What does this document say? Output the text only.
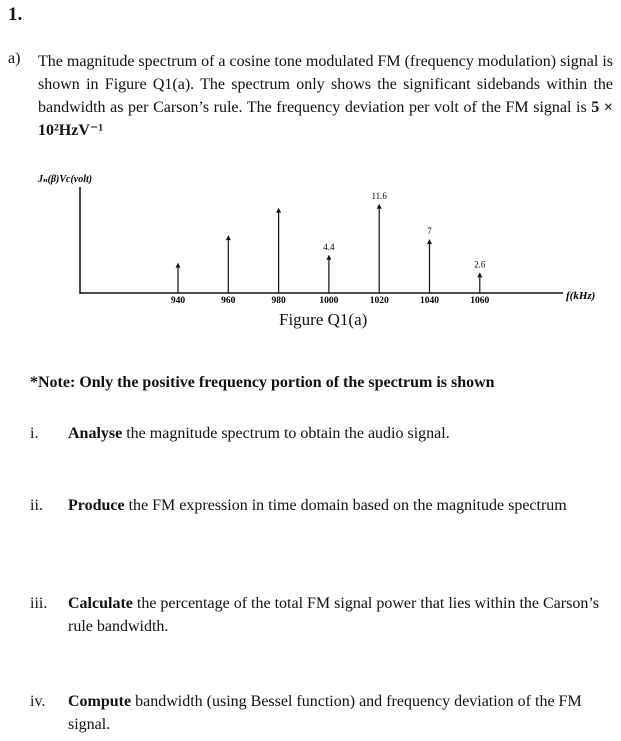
1.
a) The magnitude spectrum of a cosine tone modulated FM (frequency modulation) signal is shown in Figure Q1(a). The spectrum only shows the significant sidebands within the bandwidth as per Carson’s rule. The frequency deviation per volt of the FM signal is 5 × 10²HzV⁻¹
Jₙ(β)Vc(volt)
f(kHz)
940	960	980
4.4
1000
11.6
1020
7
1040
2.6
1060
Figure Q1(a)
*Note: Only the positive frequency portion of the spectrum is shown
i. Analyse the magnitude spectrum to obtain the audio signal.
ii. Produce the FM expression in time domain based on the magnitude spectrum
iii. Calculate the percentage of the total FM signal power that lies within the Carson’s rule bandwidth.
iv. Compute bandwidth (using Bessel function) and frequency deviation of the FM signal.
